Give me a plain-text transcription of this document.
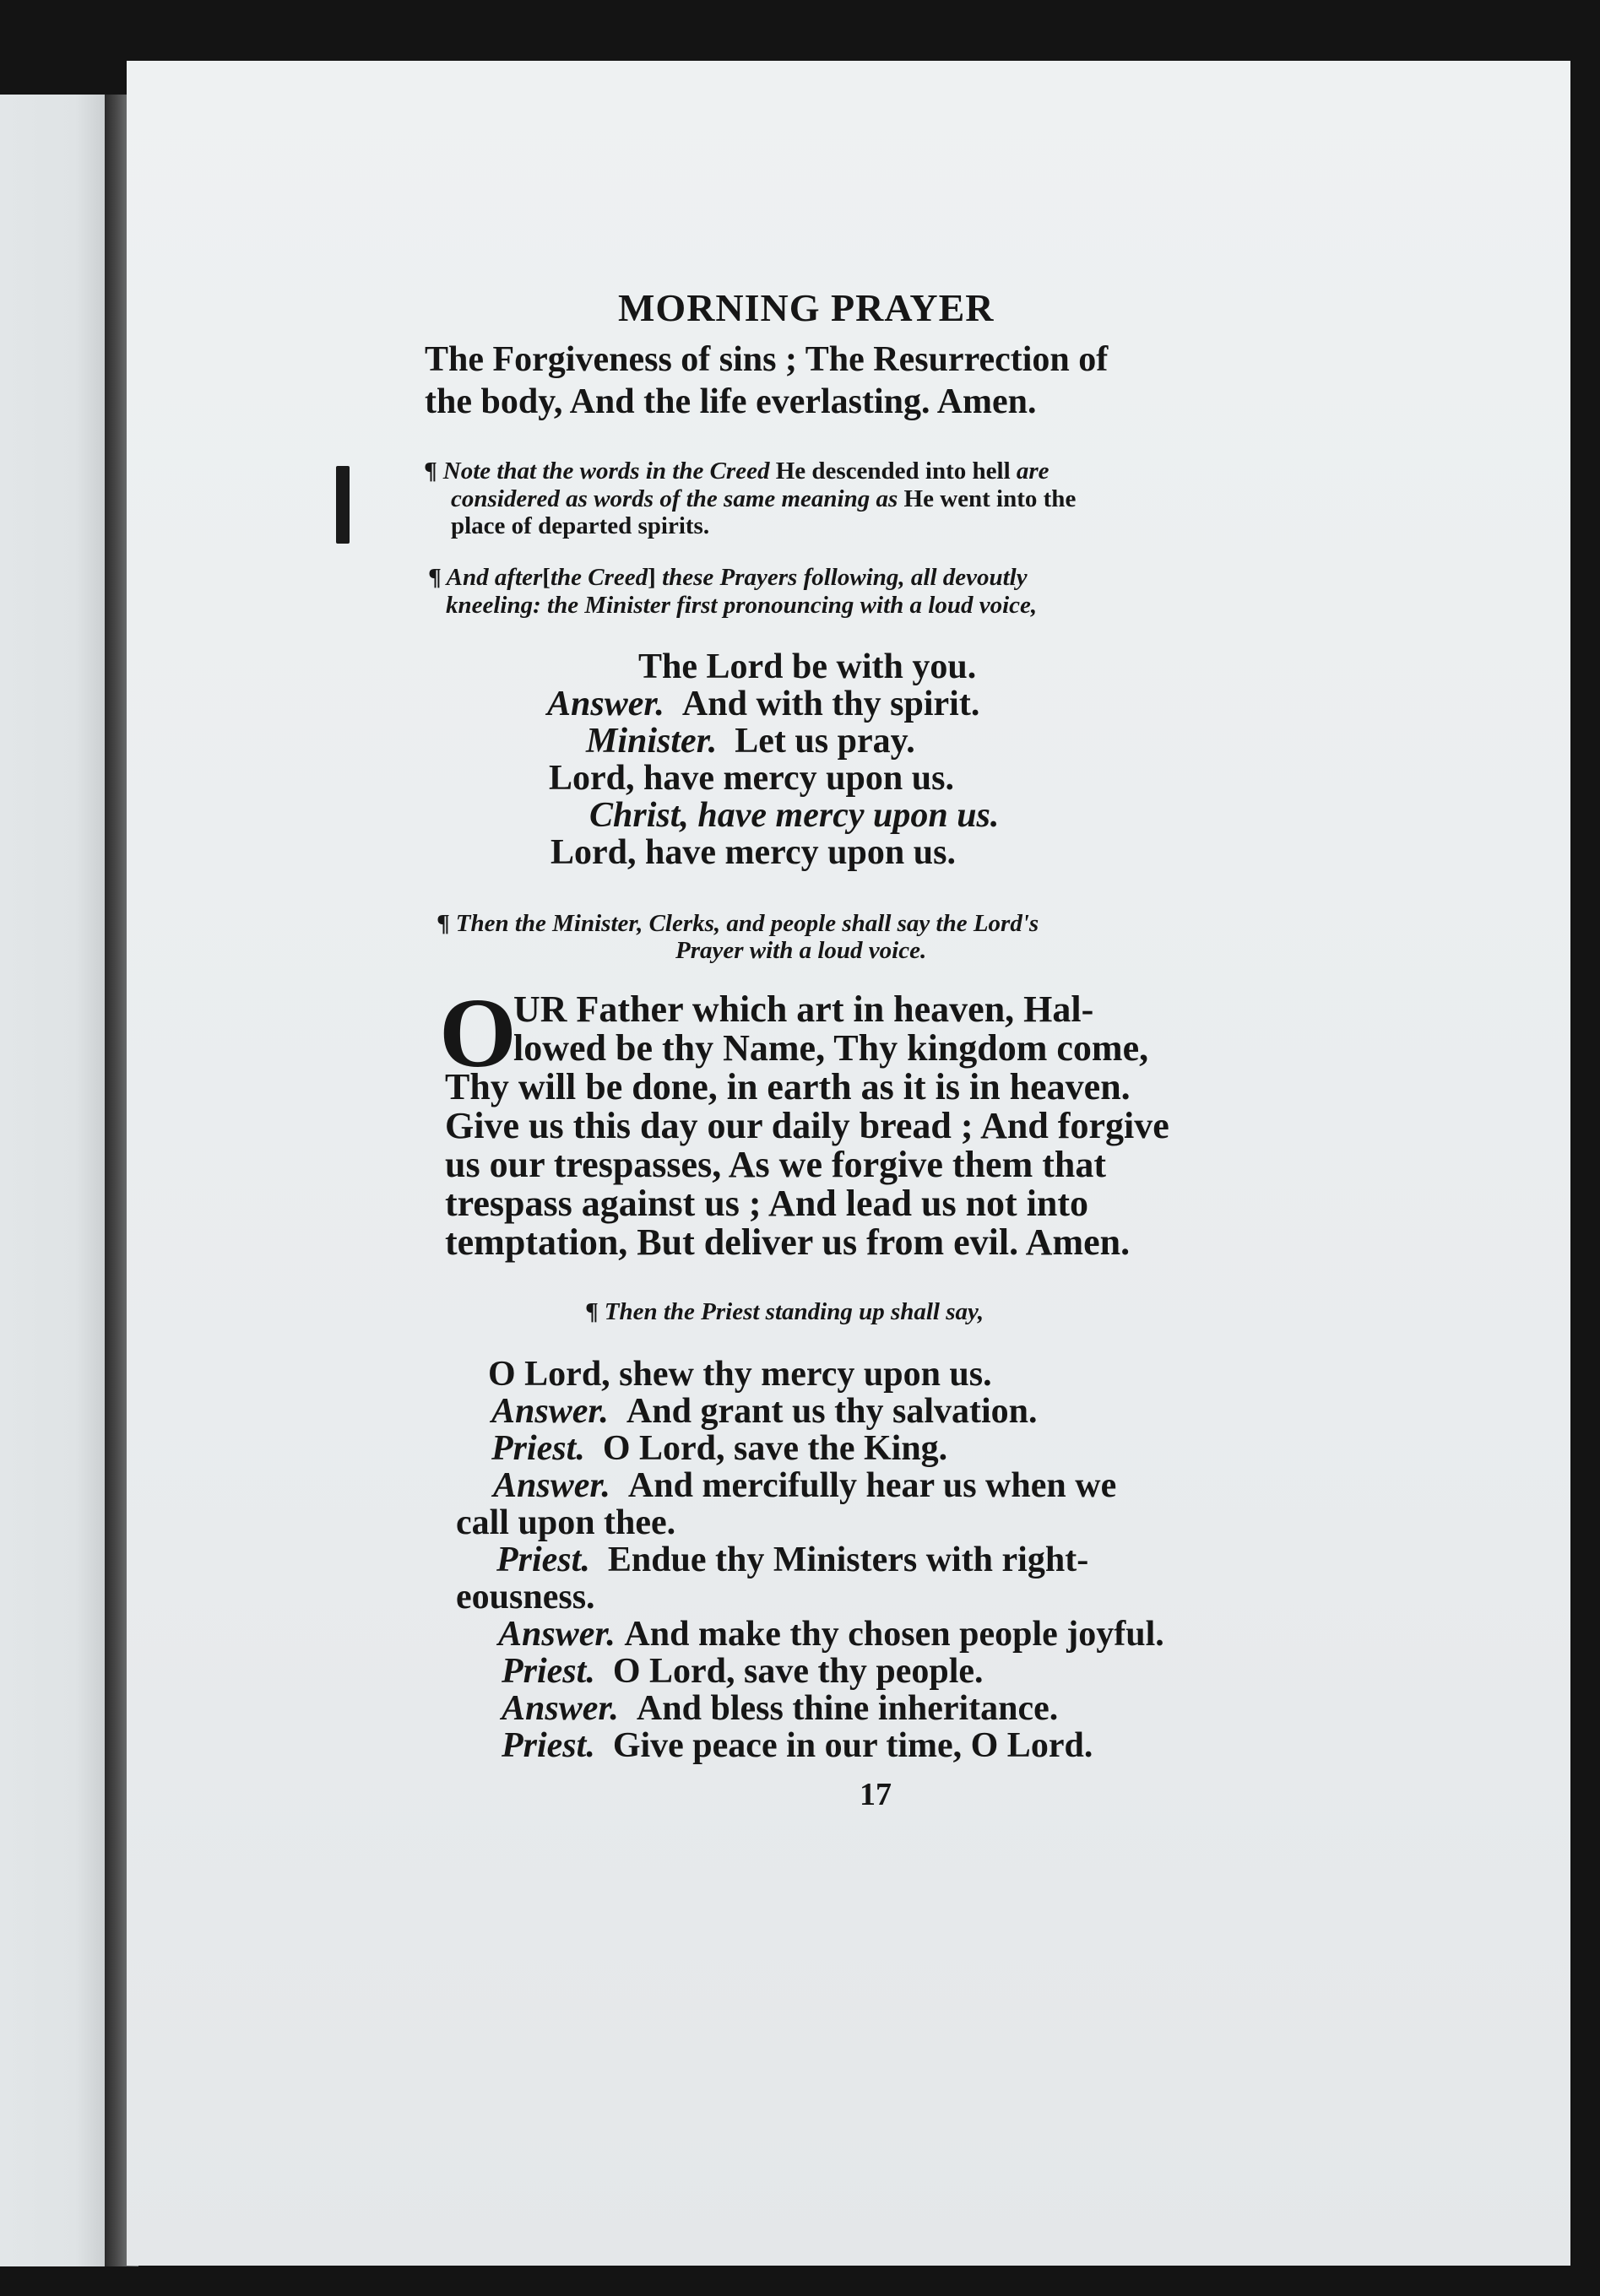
MORNING PRAYER
The Forgiveness of sins ; The Resurrection of
the body, And the life everlasting. Amen.
¶ Note that the words in the Creed He descended into hell are
considered as words of the same meaning as He went into the
place of departed spirits.
¶ And after[the Creed] these Prayers following, all devoutly
kneeling: the Minister first pronouncing with a loud voice,
The Lord be with you.
Answer. And with thy spirit.
Minister. Let us pray.
Lord, have mercy upon us.
Christ, have mercy upon us.
Lord, have mercy upon us.
¶ Then the Minister, Clerks, and people shall say the Lord's
Prayer with a loud voice.
O
UR Father which art in heaven, Hal-
lowed be thy Name, Thy kingdom come,
Thy will be done, in earth as it is in heaven.
Give us this day our daily bread ; And forgive
us our trespasses, As we forgive them that
trespass against us ; And lead us not into
temptation, But deliver us from evil. Amen.
¶ Then the Priest standing up shall say,
O Lord, shew thy mercy upon us.
Answer. And grant us thy salvation.
Priest. O Lord, save the King.
Answer. And mercifully hear us when we
call upon thee.
Priest. Endue thy Ministers with right-
eousness.
Answer. And make thy chosen people joyful.
Priest. O Lord, save thy people.
Answer. And bless thine inheritance.
Priest. Give peace in our time, O Lord.
17
